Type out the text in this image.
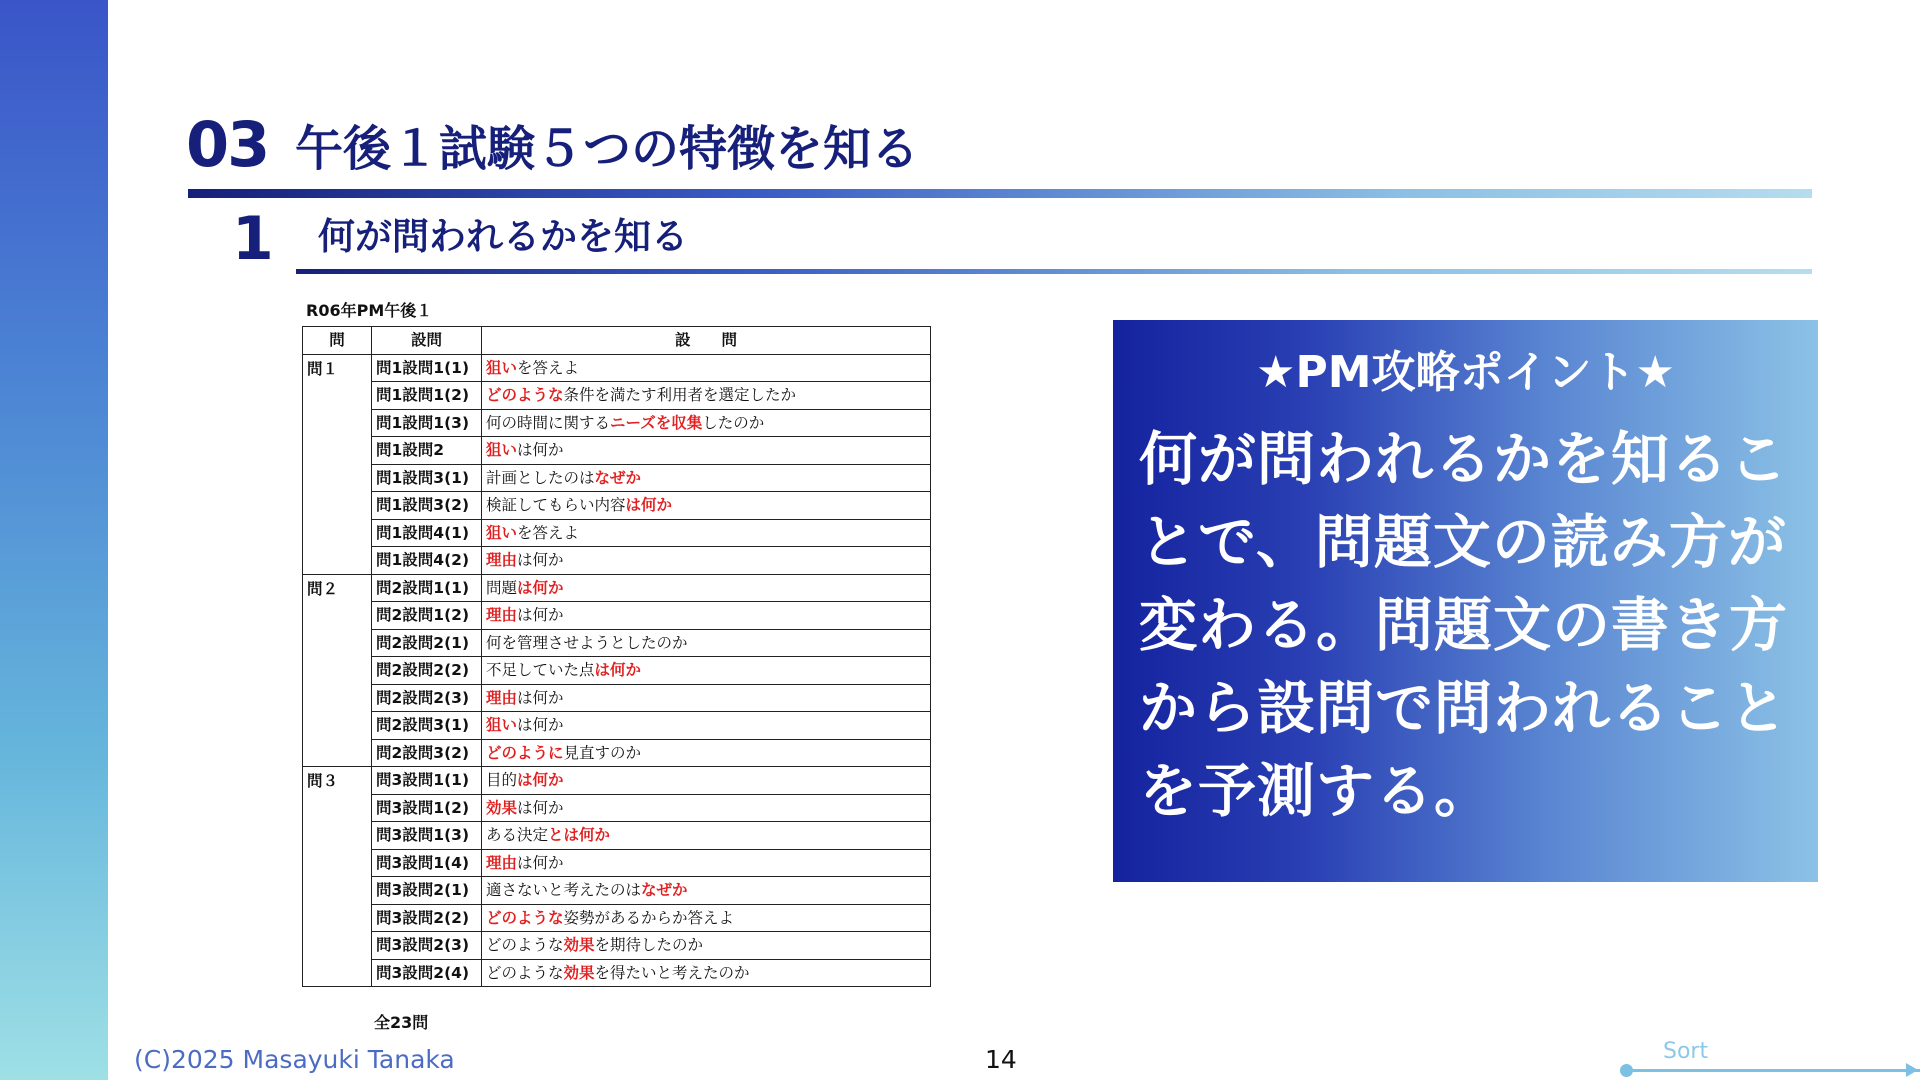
03 午後１試験５つの特徴を知る
1 何が問われるかを知る
R06年PM午後１
問	設問	設　　問
問１	問1設問1(1)	狙いを答えよ
	問1設問1(2)	どのような条件を満たす利用者を選定したか
	問1設問1(3)	何の時間に関するニーズを収集したのか
	問1設問2	狙いは何か
	問1設問3(1)	計画としたのはなぜか
	問1設問3(2)	検証してもらい内容は何か
	問1設問4(1)	狙いを答えよ
	問1設問4(2)	理由は何か
問２	問2設問1(1)	問題は何か
	問2設問1(2)	理由は何か
	問2設問2(1)	何を管理させようとしたのか
	問2設問2(2)	不足していた点は何か
	問2設問2(3)	理由は何か
	問2設問3(1)	狙いは何か
	問2設問3(2)	どのように見直すのか
問３	問3設問1(1)	目的は何か
	問3設問1(2)	効果は何か
	問3設問1(3)	ある決定とは何か
	問3設問1(4)	理由は何か
	問3設問2(1)	適さないと考えたのはなぜか
	問3設問2(2)	どのような姿勢があるからか答えよ
	問3設問2(3)	どのような効果を期待したのか
	問3設問2(4)	どのような効果を得たいと考えたのか
全23問
★PM攻略ポイント★
何が問われるかを知るこ
とで、問題文の読み方が
変わる。問題文の書き方
から設問で問われること
を予測する。
(C)2025 Masayuki Tanaka	14	Sort
